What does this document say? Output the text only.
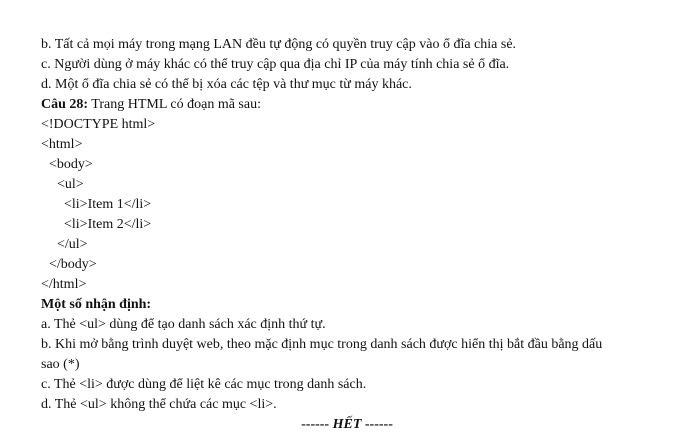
b. Tất cả mọi máy trong mạng LAN đều tự động có quyền truy cập vào ổ đĩa chia sẻ.
c. Người dùng ở máy khác có thể truy cập qua địa chỉ IP của máy tính chia sẻ ổ đĩa.
d. Một ổ đĩa chia sẻ có thể bị xóa các tệp và thư mục từ máy khác.
Câu 28: Trang HTML có đoạn mã sau:
<!DOCTYPE html>
<html>
<body>
<ul>
<li>Item 1</li>
<li>Item 2</li>
</ul>
</body>
</html>
Một số nhận định:
a. Thẻ <ul> dùng để tạo danh sách xác định thứ tự.
b. Khi mở bằng trình duyệt web, theo mặc định mục trong danh sách được hiển thị bắt đầu bằng dấu
sao (*)
c. Thẻ <li> được dùng để liệt kê các mục trong danh sách.
d. Thẻ <ul> không thể chứa các mục <li>.
------ HẾT ------
